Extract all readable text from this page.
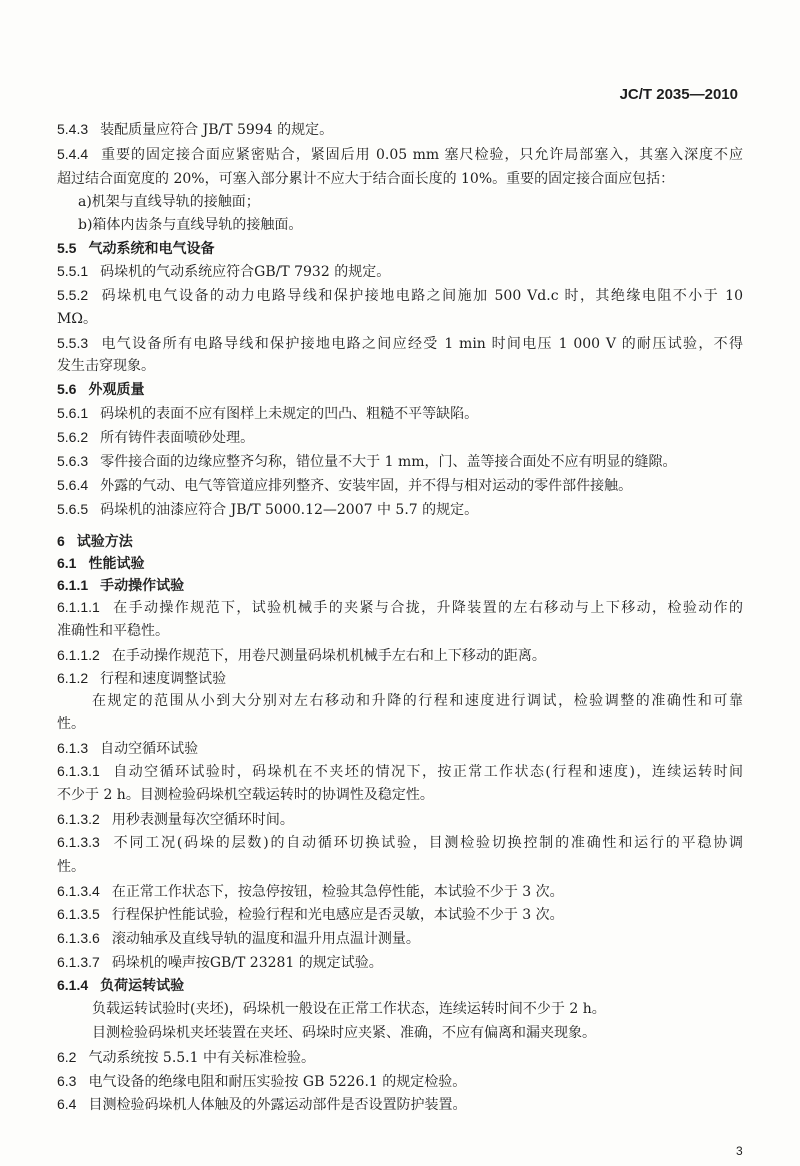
JC/T 2035—2010
5.4.3 装配质量应符合 JB/T 5994 的规定。
5.4.4 重要的固定接合面应紧密贴合，紧固后用 0.05 mm 塞尺检验，只允许局部塞入，其塞入深度不应
超过结合面宽度的 20%，可塞入部分累计不应大于结合面长度的 10%。重要的固定接合面应包括：
a)机架与直线导轨的接触面；
b)箱体内齿条与直线导轨的接触面。
5.5 气动系统和电气设备
5.5.1 码垛机的气动系统应符合GB/T 7932 的规定。
5.5.2 码垛机电气设备的动力电路导线和保护接地电路之间施加 500 Vd.c 时，其绝缘电阻不小于 10
MΩ。
5.5.3 电气设备所有电路导线和保护接地电路之间应经受 1 min 时间电压 1 000 V 的耐压试验，不得
发生击穿现象。
5.6 外观质量
5.6.1 码垛机的表面不应有图样上未规定的凹凸、粗糙不平等缺陷。
5.6.2 所有铸件表面喷砂处理。
5.6.3 零件接合面的边缘应整齐匀称，错位量不大于 1 mm，门、盖等接合面处不应有明显的缝隙。
5.6.4 外露的气动、电气等管道应排列整齐、安装牢固，并不得与相对运动的零件部件接触。
5.6.5 码垛机的油漆应符合 JB/T 5000.12—2007 中 5.7 的规定。
6 试验方法
6.1 性能试验
6.1.1 手动操作试验
6.1.1.1 在手动操作规范下，试验机械手的夹紧与合拢，升降装置的左右移动与上下移动，检验动作的
准确性和平稳性。
6.1.1.2 在手动操作规范下，用卷尺测量码垛机机械手左右和上下移动的距离。
6.1.2 行程和速度调整试验
在规定的范围从小到大分别对左右移动和升降的行程和速度进行调试，检验调整的准确性和可靠
性。
6.1.3 自动空循环试验
6.1.3.1 自动空循环试验时，码垛机在不夹坯的情况下，按正常工作状态(行程和速度)，连续运转时间
不少于 2 h。目测检验码垛机空载运转时的协调性及稳定性。
6.1.3.2 用秒表测量每次空循环时间。
6.1.3.3 不同工况(码垛的层数)的自动循环切换试验，目测检验切换控制的准确性和运行的平稳协调
性。
6.1.3.4 在正常工作状态下，按急停按钮，检验其急停性能，本试验不少于 3 次。
6.1.3.5 行程保护性能试验，检验行程和光电感应是否灵敏，本试验不少于 3 次。
6.1.3.6 滚动轴承及直线导轨的温度和温升用点温计测量。
6.1.3.7 码垛机的噪声按GB/T 23281 的规定试验。
6.1.4 负荷运转试验
负载运转试验时(夹坯)，码垛机一般设在正常工作状态，连续运转时间不少于 2 h。
目测检验码垛机夹坯装置在夹坯、码垛时应夹紧、准确，不应有偏离和漏夹现象。
6.2 气动系统按 5.5.1 中有关标准检验。
6.3 电气设备的绝缘电阻和耐压实验按 GB 5226.1 的规定检验。
6.4 目测检验码垛机人体触及的外露运动部件是否设置防护装置。
3
